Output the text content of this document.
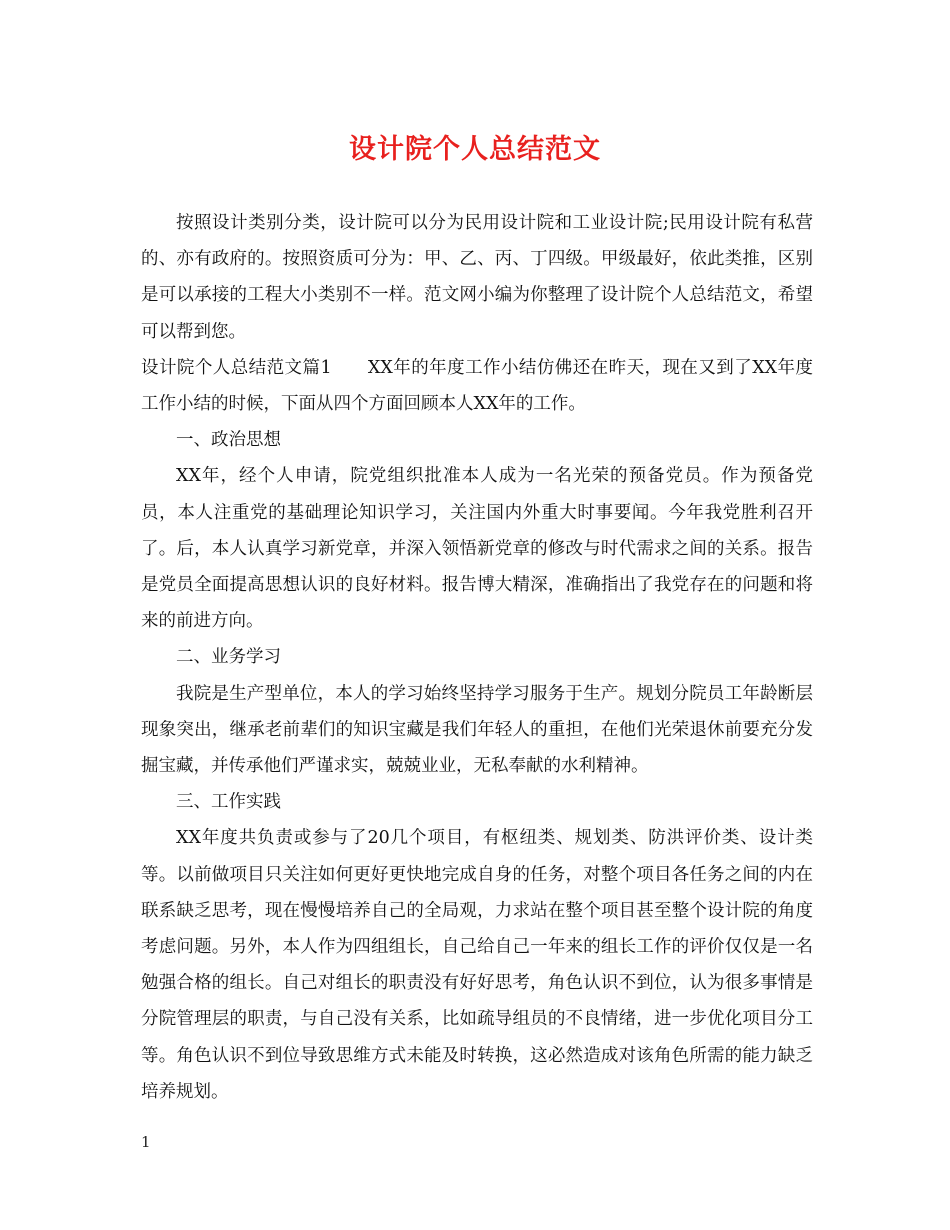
设计院个人总结范文

按照设计类别分类，设计院可以分为民用设计院和工业设计院;民用设计院有私营的、亦有政府的。按照资质可分为：甲、乙、丙、丁四级。甲级最好，依此类推，区别是可以承接的工程大小类别不一样。范文网小编为你整理了设计院个人总结范文，希望可以帮到您。

设计院个人总结范文篇1　　XX年的年度工作小结仿佛还在昨天，现在又到了XX年度工作小结的时候，下面从四个方面回顾本人XX年的工作。

一、政治思想

XX年，经个人申请，院党组织批准本人成为一名光荣的预备党员。作为预备党员，本人注重党的基础理论知识学习，关注国内外重大时事要闻。今年我党胜利召开了。后，本人认真学习新党章，并深入领悟新党章的修改与时代需求之间的关系。报告是党员全面提高思想认识的良好材料。报告博大精深，准确指出了我党存在的问题和将来的前进方向。

二、业务学习

我院是生产型单位，本人的学习始终坚持学习服务于生产。规划分院员工年龄断层现象突出，继承老前辈们的知识宝藏是我们年轻人的重担，在他们光荣退休前要充分发掘宝藏，并传承他们严谨求实，兢兢业业，无私奉献的水利精神。

三、工作实践

XX年度共负责或参与了20几个项目，有枢纽类、规划类、防洪评价类、设计类等。以前做项目只关注如何更好更快地完成自身的任务，对整个项目各任务之间的内在联系缺乏思考，现在慢慢培养自己的全局观，力求站在整个项目甚至整个设计院的角度考虑问题。另外，本人作为四组组长，自己给自己一年来的组长工作的评价仅仅是一名勉强合格的组长。自己对组长的职责没有好好思考，角色认识不到位，认为很多事情是分院管理层的职责，与自己没有关系，比如疏导组员的不良情绪，进一步优化项目分工等。角色认识不到位导致思维方式未能及时转换，这必然造成对该角色所需的能力缺乏培养规划。

1
